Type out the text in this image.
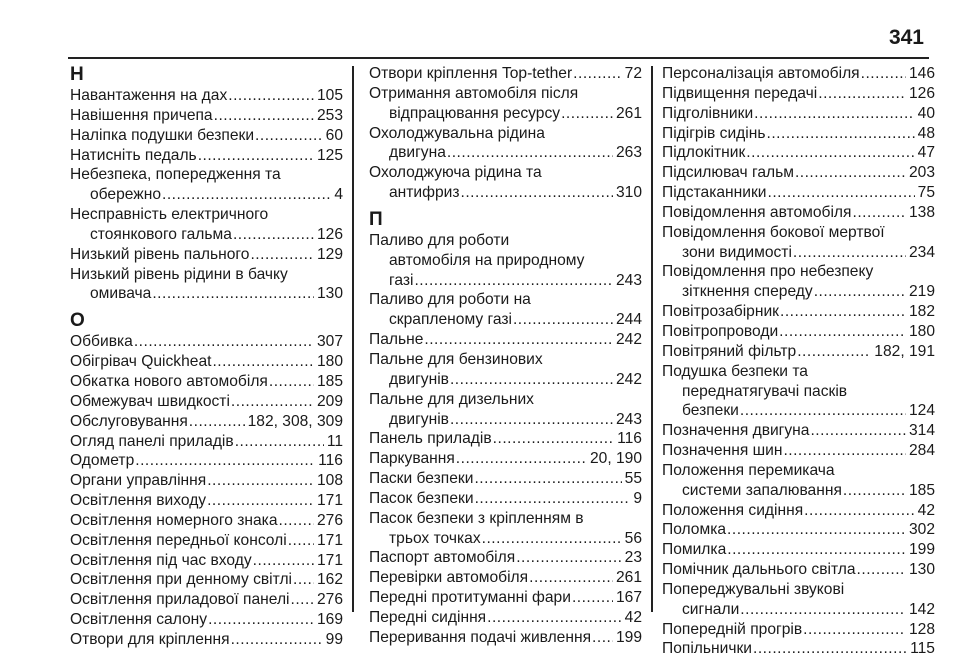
341
Н
Навантаження на дах .....	105
Навішення причепа .....	253
Наліпка подушки безпеки .....	60
Натисніть педаль .....	125
Небезпека, попередження та
обережно .....	4
Несправність електричного
стоянкового гальма .....	126
Низький рівень пального .....	129
Низький рівень рідини в бачку
омивача .....	130
О
Оббивка .....	307
Обігрівач Quickheat .....	180
Обкатка нового автомобіля .....	185
Обмежувач швидкості .....	209
Обслуговування .....	182, 308, 309
Огляд панелі приладів .....	11
Одометр .....	116
Органи управління .....	108
Освітлення виходу .....	171
Освітлення номерного знака .....	276
Освітлення передньої консолі ..... 171
Освітлення під час входу .....	171
Освітлення при денному світлі ..... 162
Освітлення приладової панелі ..... 276
Освітлення салону .....	169
Отвори для кріплення .....	99
Отвори кріплення Top-tether .....	72
Отримання автомобіля після
відпрацювання ресурсу .....	261
Охолоджувальна рідина
двигуна .....	263
Охолоджуюча рідина та
антифриз .....	310
П
Паливо для роботи
автомобіля на природному
газі .....	243
Паливо для роботи на
скрапленому газі .....	244
Пальне .....	242
Пальне для бензинових
двигунів .....	242
Пальне для дизельних
двигунів .....	243
Панель приладів .....	116
Паркування .....	20, 190
Паски безпеки .....	55
Пасок безпеки .....	9
Пасок безпеки з кріпленням в
трьох точках .....	56
Паспорт автомобіля .....	23
Перевірки автомобіля .....	261
Передні протитуманні фари .....	167
Передні сидіння .....	42
Переривання подачі живлення ..... 199
Персоналізація автомобіля .....	146
Підвищення передачі .....	126
Підголівники .....	40
Підігрів сидінь .....	48
Підлокітник .....	47
Підсилювач гальм .....	203
Підстаканники .....	75
Повідомлення автомобіля .....	138
Повідомлення бокової мертвої
зони видимості .....	234
Повідомлення про небезпеку
зіткнення спереду .....	219
Повітрозабірник .....	182
Повітропроводи .....	180
Повітряний фільтр .....	182, 191
Подушка безпеки та
переднатягувачі пасків
безпеки .....	124
Позначення двигуна .....	314
Позначення шин .....	284
Положення перемикача
системи запалювання .....	185
Положення сидіння .....	42
Поломка .....	302
Помилка .....	199
Помічник дальнього світла .....	130
Попереджувальні звукові
сигнали .....	142
Попередній прогрів .....	128
Попільнички .....	115
